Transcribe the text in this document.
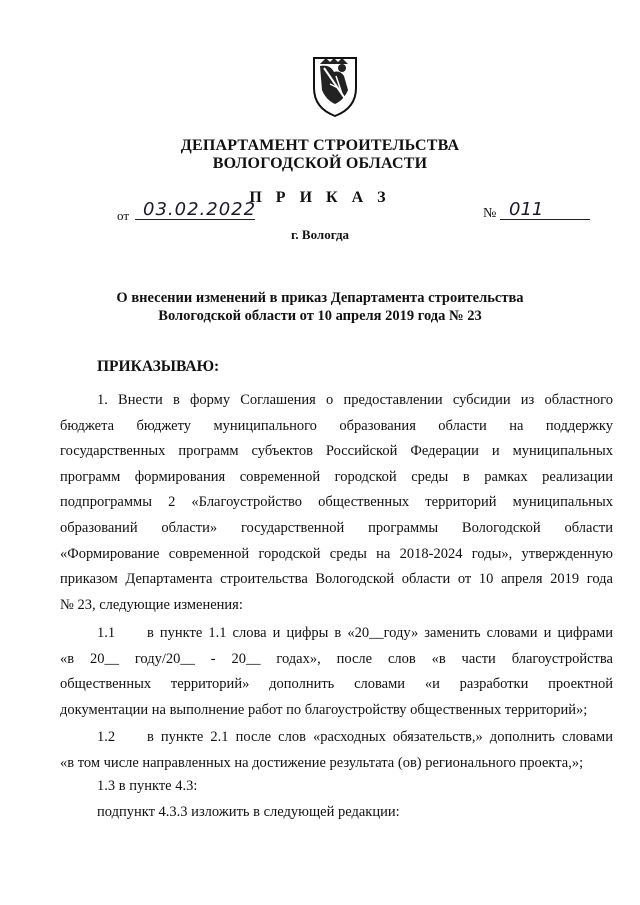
ДЕПАРТАМЕНТ СТРОИТЕЛЬСТВА
ВОЛОГОДСКОЙ ОБЛАСТИ
П Р И К А З
от 03.02.2022	№ 011
г. Вологда
О внесении изменений в приказ Департамента строительства
Вологодской области от 10 апреля 2019 года № 23
ПРИКАЗЫВАЮ:
1. Внести в форму Соглашения о предоставлении субсидии из областного
бюджета бюджету муниципального образования области на поддержку
государственных программ субъектов Российской Федерации и муниципальных
программ формирования современной городской среды в рамках реализации
подпрограммы 2 «Благоустройство общественных территорий муниципальных
образований области» государственной программы Вологодской области
«Формирование современной городской среды на 2018-2024 годы», утвержденную
приказом Департамента строительства Вологодской области от 10 апреля 2019 года
№ 23, следующие изменения:
1.1 в пункте 1.1 слова и цифры в «20__году» заменить словами и цифрами
«в 20__ году/20__ - 20__ годах», после слов «в части благоустройства
общественных территорий» дополнить словами «и разработки проектной
документации на выполнение работ по благоустройству общественных территорий»;
1.2 в пункте 2.1 после слов «расходных обязательств,» дополнить словами
«в том числе направленных на достижение результата (ов) регионального проекта,»;
1.3 в пункте 4.3:
подпункт 4.3.3 изложить в следующей редакции:
